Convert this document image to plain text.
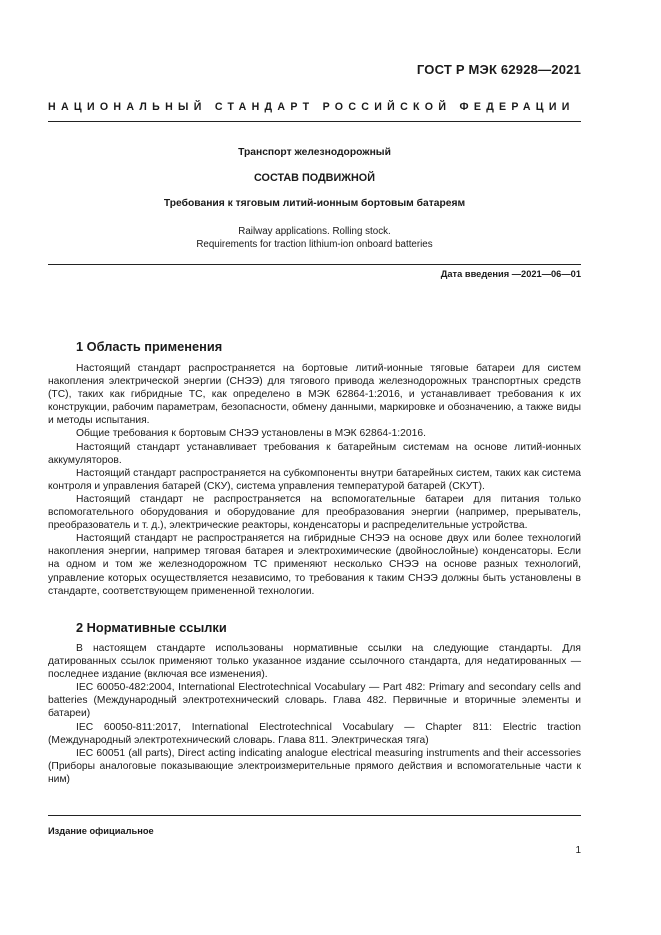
ГОСТ Р МЭК 62928—2021
НАЦИОНАЛЬНЫЙ СТАНДАРТ РОССИЙСКОЙ ФЕДЕРАЦИИ
Транспорт железнодорожный
СОСТАВ ПОДВИЖНОЙ
Требования к тяговым литий-ионным бортовым батареям
Railway applications. Rolling stock.
Requirements for traction lithium-ion onboard batteries
Дата введения —2021—06—01
1 Область применения

Настоящий стандарт распространяется на бортовые литий-ионные тяговые батареи для систем накопления электрической энергии (СНЭЭ) для тягового привода железнодорожных транспортных средств (ТС), таких как гибридные ТС, как определено в МЭК 62864-1:2016, и устанавливает требования к их конструкции, рабочим параметрам, безопасности, обмену данными, маркировке и обозначению, а также виды и методы испытания.

Общие требования к бортовым СНЭЭ установлены в МЭК 62864-1:2016.

Настоящий стандарт устанавливает требования к батарейным системам на основе литий-ионных аккумуляторов.

Настоящий стандарт распространяется на субкомпоненты внутри батарейных систем, таких как система контроля и управления батарей (СКУ), система управления температурой батарей (СКУТ).

Настоящий стандарт не распространяется на вспомогательные батареи для питания только вспомогательного оборудования и оборудование для преобразования энергии (например, прерыватель, преобразователь и т. д.), электрические реакторы, конденсаторы и распределительные устройства.

Настоящий стандарт не распространяется на гибридные СНЭЭ на основе двух или более технологий накопления энергии, например тяговая батарея и электрохимические (двойнослойные) конденсаторы. Если на одном и том же железнодорожном ТС применяют несколько СНЭЭ на основе разных технологий, управление которых осуществляется независимо, то требования к таким СНЭЭ должны быть установлены в стандарте, соответствующем примененной технологии.

2 Нормативные ссылки

В настоящем стандарте использованы нормативные ссылки на следующие стандарты. Для датированных ссылок применяют только указанное издание ссылочного стандарта, для недатированных — последнее издание (включая все изменения).

IEC 60050-482:2004, International Electrotechnical Vocabulary — Part 482: Primary and secondary cells and batteries (Международный электротехнический словарь. Глава 482. Первичные и вторичные элементы и батареи)

IEC 60050-811:2017, International Electrotechnical Vocabulary — Chapter 811: Electric traction (Международный электротехнический словарь. Глава 811. Электрическая тяга)

IEC 60051 (all parts), Direct acting indicating analogue electrical measuring instruments and their accessories (Приборы аналоговые показывающие электроизмерительные прямого действия и вспомогательные части к ним)

Издание официальное
1
